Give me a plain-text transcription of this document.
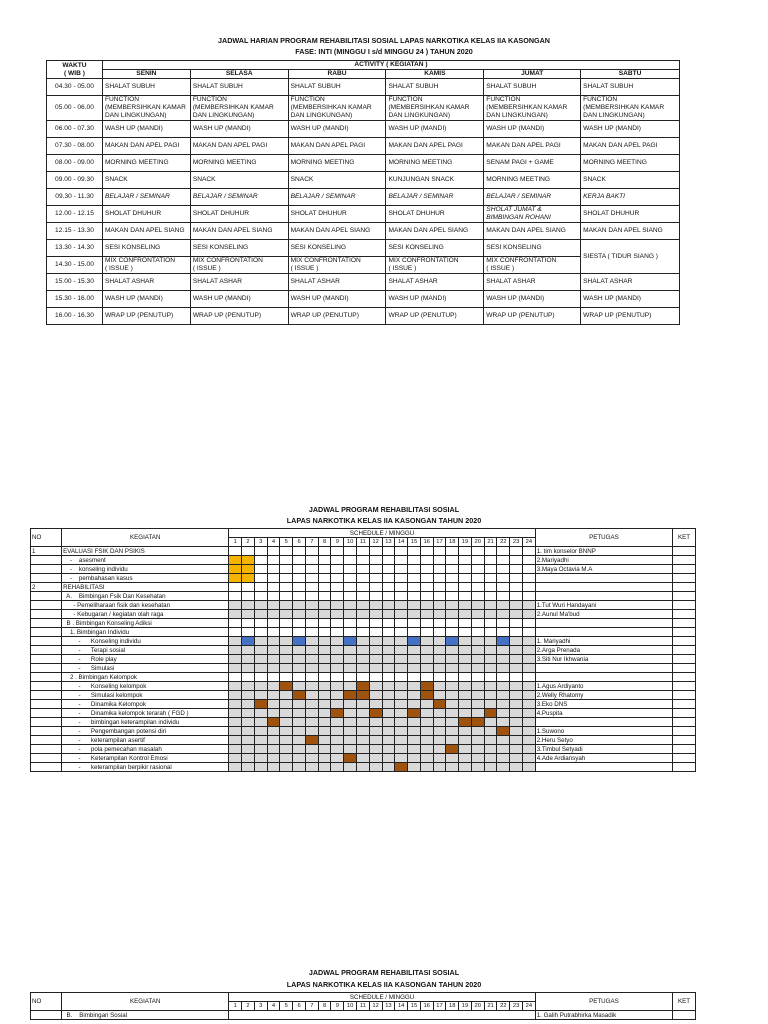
JADWAL HARIAN PROGRAM REHABILITASI SOSIAL LAPAS NARKOTIKA KELAS IIA KASONGAN
FASE: INTI (MINGGU I s/d MINGGU 24 ) TAHUN 2020
WAKTU
( WIB )	ACTIVITY ( KEGIATAN )					
	SENIN	SELASA	RABU	KAMIS	JUMAT	SABTU
04.30 - 05.00	SHALAT SUBUH	SHALAT SUBUH	SHALAT SUBUH	SHALAT SUBUH	SHALAT SUBUH	SHALAT SUBUH
05.00 - 06.00	FUNCTION
(MEMBERSIHKAN KAMAR
DAN LINGKUNGAN)	FUNCTION
(MEMBERSIHKAN KAMAR
DAN LINGKUNGAN)	FUNCTION
(MEMBERSIHKAN KAMAR
DAN LINGKUNGAN)	FUNCTION
(MEMBERSIHKAN KAMAR
DAN LINGKUNGAN)	FUNCTION
(MEMBERSIHKAN KAMAR
DAN LINGKUNGAN)	FUNCTION
(MEMBERSIHKAN KAMAR
DAN LINGKUNGAN)
06.00 - 07.30	WASH UP (MANDI)	WASH UP (MANDI)	WASH UP (MANDI)	WASH UP (MANDI)	WASH UP (MANDI)	WASH UP (MANDI)
07.30 - 08.00	MAKAN DAN APEL PAGI	MAKAN DAN APEL PAGI	MAKAN DAN APEL PAGI	MAKAN DAN APEL PAGI	MAKAN DAN APEL PAGI	MAKAN DAN APEL PAGI
08.00 - 09.00	MORNING MEETING	MORNING MEETING	MORNING MEETING	MORNING MEETING	SENAM PAGI + GAME	MORNING MEETING
09.00 - 09.30	SNACK	SNACK	SNACK	KUNJUNGAN SNACK	MORNING MEETING	SNACK
09.30 - 11.30	BELAJAR / SEMINAR	BELAJAR / SEMINAR	BELAJAR / SEMINAR	BELAJAR / SEMINAR	BELAJAR / SEMINAR	KERJA BAKTI
12.00 - 12.15	SHOLAT DHUHUR	SHOLAT DHUHUR	SHOLAT DHUHUR	SHOLAT DHUHUR	SHOLAT JUMAT &
BIMBINGAN ROHANI	SHOLAT DHUHUR
12.15 - 13.30	MAKAN DAN APEL SIANG	MAKAN DAN APEL SIANG	MAKAN DAN APEL SIANG	MAKAN DAN APEL SIANG	MAKAN DAN APEL SIANG	MAKAN DAN APEL SIANG
13.30 - 14.30	SESI KONSELING	SESI KONSELING	SESI KONSELING	SESI KONSELING	SESI KONSELING	SIESTA ( TIDUR SIANG )
14.30 - 15.00	MIX CONFRONTATION
( ISSUE )	MIX CONFRONTATION
( ISSUE )	MIX CONFRONTATION
( ISSUE )	MIX CONFRONTATION
( ISSUE )	MIX CONFRONTATION
( ISSUE )	
15.00 - 15.30	SHALAT ASHAR	SHALAT ASHAR	SHALAT ASHAR	SHALAT ASHAR	SHALAT ASHAR	SHALAT ASHAR
15.30 - 16.00	WASH UP (MANDI)	WASH UP (MANDI)	WASH UP (MANDI)	WASH UP (MANDI)	WASH UP (MANDI)	WASH UP (MANDI)
16.00 - 16.30	WRAP UP (PENUTUP)	WRAP UP (PENUTUP)	WRAP UP (PENUTUP)	WRAP UP (PENUTUP)	WRAP UP (PENUTUP)	WRAP UP (PENUTUP)
JADWAL PROGRAM REHABILITASI SOSIAL
LAPAS NARKOTIKA KELAS IIA KASONGAN TAHUN 2020
NO	KEGIATAN	SCHEDULE / MINGGU																								PETUGAS	KET
		1	2	3	4	5	6	7	8	9	10	11	12	13	14	15	16	17	18	19	20	21	22	23	24		
1	EVALUASI FSIK DAN PSIKIS																									1. tim konselor BNNP	
	-    asesment																									2.Mariyadhi	
	-    konseling individu																									3.Maya Octavia M.A	
	-    pembahasan kasus																										
2	REHABILITASI																										
	A.    Bimbingan Fsik Dan Kesehatan																										
	- Pemeliharaan fisik dan kesehatan																									1.Tut Wuri Handayani	
	- Kebugaran / kegiatan olah raga																									2.Aunul Ma'bud	
	B . Bimbingan Konseling Adiksi																										
	1. Bimbingan Individu																										
	-      Konseling individu																									1. Mariyadhi	
	-      Terapi sosial																									2.Arga Prenada	
	-      Role play																									3.Siti Nur Ikhwania	
	-      Simulasi																										
	2 . Bimbingan Kelompok																										
	-      Konseling kelompok																									1.Agus Ardiyanto	
	-      Simulasi kelompok																									2.Welly Rhatomy	
	-      Dinamika Kelompok																									3.Eko DNS	
	-      Dinamika kelompok terarah ( FGD )																									4.Puspita	
	-      bimbingan keterampilan individu																										
	-      Pengembangan potensi diri																									1.Suwono	
	-      keterampilan asertif																									2.Heru Setyo	
	-      pola pemecahan masalah																									3.Timbul Setyadi	
	-      Keterampilan Kontrol Emosi																									4.Ade Ardiansyah	
	-      keterampilan berpikir rasional																										
JADWAL PROGRAM REHABILITASI SOSIAL
LAPAS NARKOTIKA KELAS IIA KASONGAN TAHUN 2020
NO	KEGIATAN	SCHEDULE / MINGGU																								PETUGAS	KET
		1	2	3	4	5	6	7	8	9	10	11	12	13	14	15	16	17	18	19	20	21	22	23	24		
	B.    Bimbingan Sosial																									1. Galih Putrabhirka Masadik	
